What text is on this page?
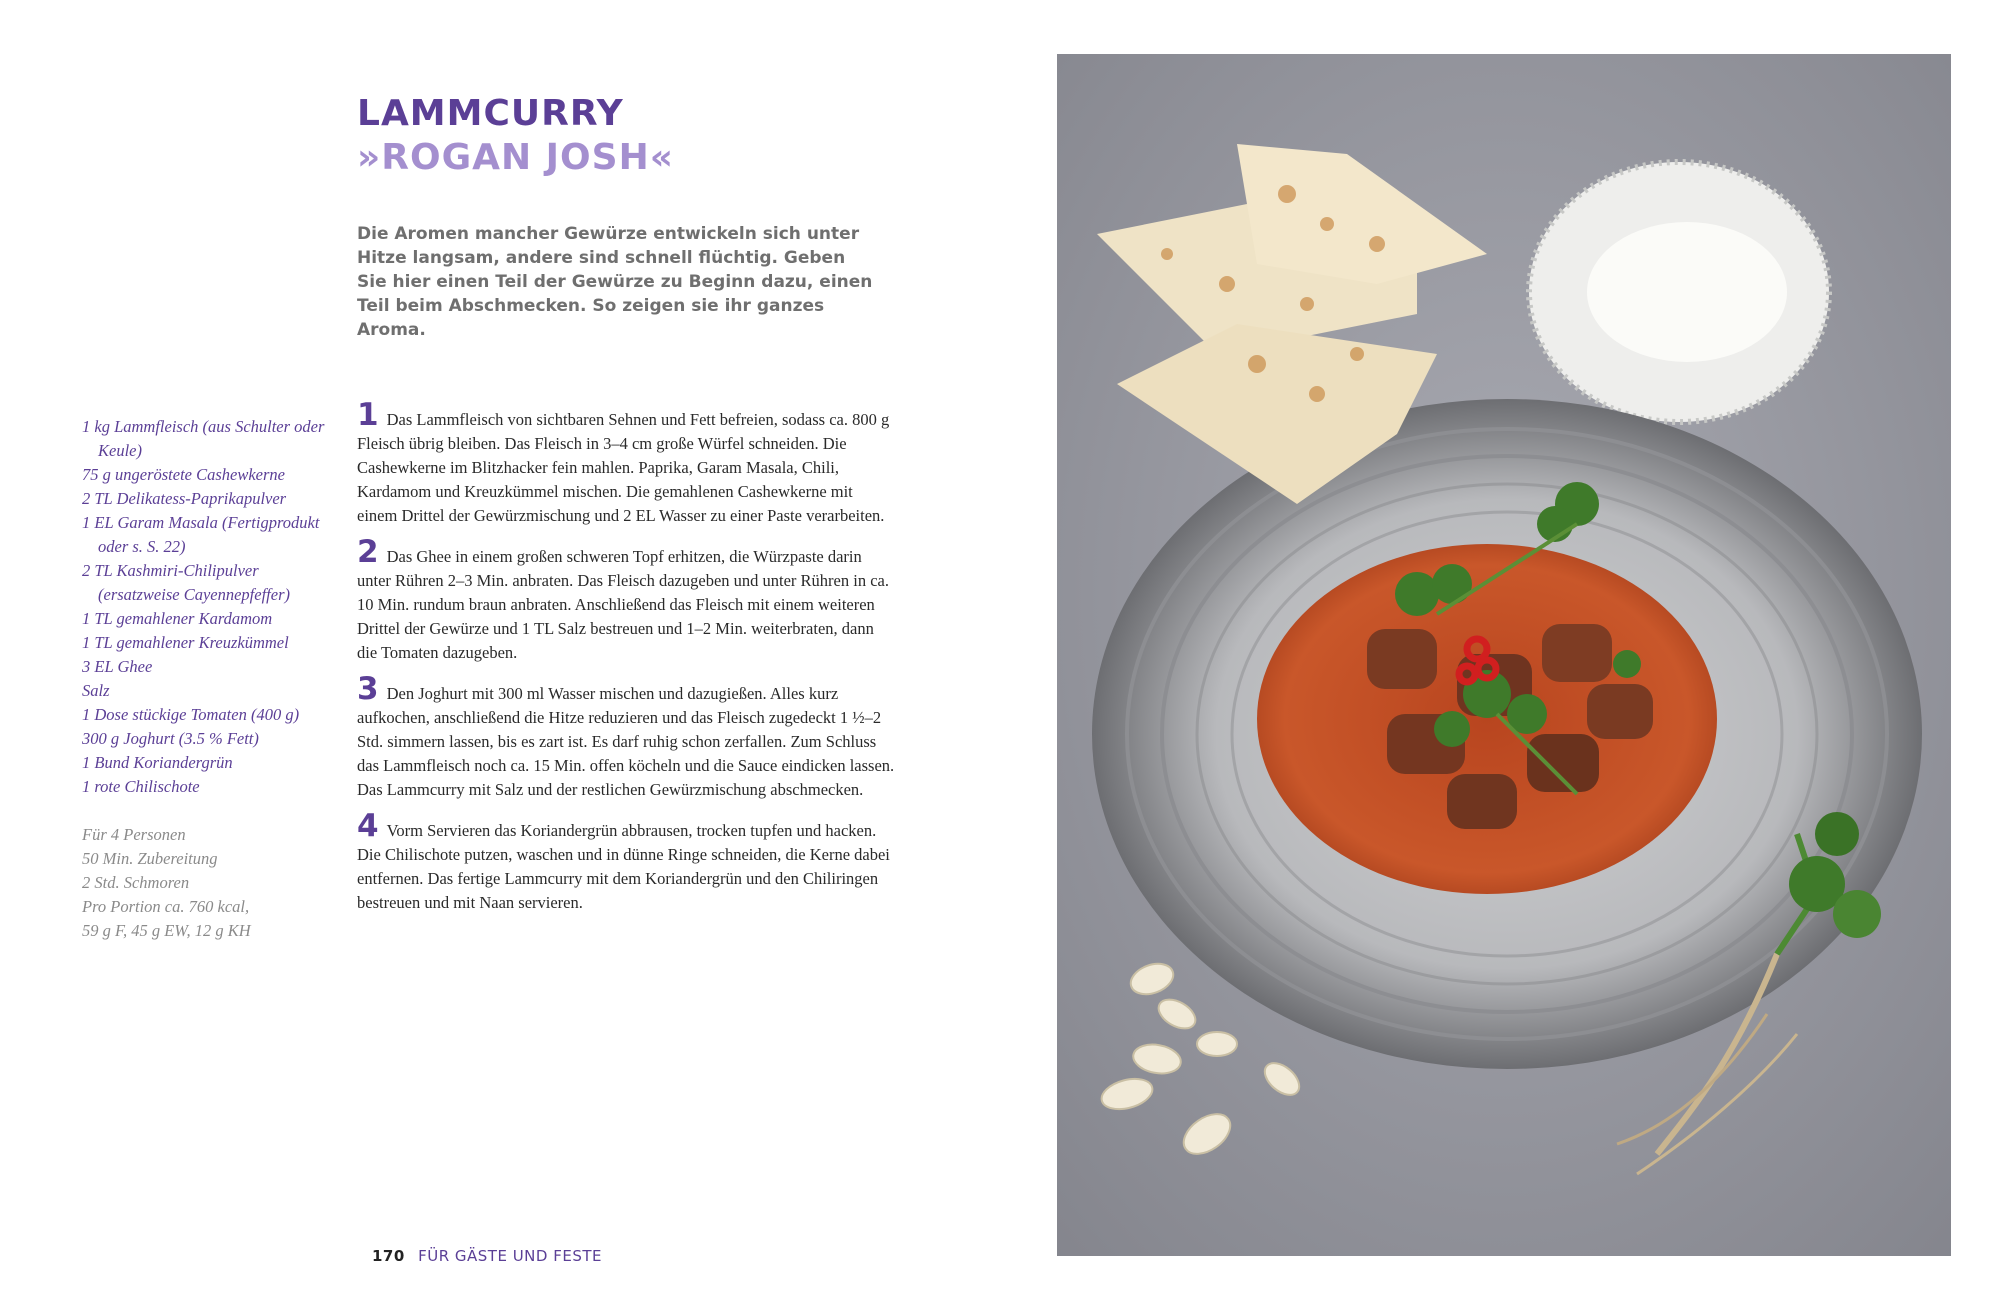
LAMMCURRY
»ROGAN JOSH«

Die Aromen mancher Gewürze entwickeln sich unter Hitze langsam, andere sind schnell flüchtig. Geben Sie hier einen Teil der Gewürze zu Beginn dazu, einen Teil beim Abschmecken. So zeigen sie ihr ganzes Aroma.

1 kg Lammfleisch (aus Schulter oder Keule)
75 g ungeröstete Cashewkerne
2 TL Delikatess-Paprikapulver
1 EL Garam Masala (Fertigprodukt oder s. S. 22)
2 TL Kashmiri-Chilipulver (ersatzweise Cayennepfeffer)
1 TL gemahlener Kardamom
1 TL gemahlener Kreuzkümmel
3 EL Ghee
Salz
1 Dose stückige Tomaten (400 g)
300 g Joghurt (3.5 % Fett)
1 Bund Koriandergrün
1 rote Chilischote
Für 4 Personen
50 Min. Zubereitung
2 Std. Schmoren
Pro Portion ca. 760 kcal,
59 g F, 45 g EW, 12 g KH

1 Das Lammfleisch von sichtbaren Sehnen und Fett befreien, sodass ca. 800 g Fleisch übrig bleiben. Das Fleisch in 3–4 cm große Würfel schneiden. Die Cashewkerne im Blitzhacker fein mahlen. Paprika, Garam Masala, Chili, Kardamom und Kreuzkümmel mischen. Die gemahlenen Cashewkerne mit einem Drittel der Gewürzmischung und 2 EL Wasser zu einer Paste verarbeiten.

2 Das Ghee in einem großen schweren Topf erhitzen, die Würzpaste darin unter Rühren 2–3 Min. anbraten. Das Fleisch dazugeben und unter Rühren in ca. 10 Min. rundum braun anbraten. Anschließend das Fleisch mit einem weiteren Drittel der Gewürze und 1 TL Salz bestreuen und 1–2 Min. weiterbraten, dann die Tomaten dazugeben.

3 Den Joghurt mit 300 ml Wasser mischen und dazugießen. Alles kurz aufkochen, anschließend die Hitze reduzieren und das Fleisch zugedeckt 1 ½–2 Std. simmern lassen, bis es zart ist. Es darf ruhig schon zerfallen. Zum Schluss das Lammfleisch noch ca. 15 Min. offen köcheln und die Sauce eindicken lassen. Das Lammcurry mit Salz und der restlichen Gewürzmischung abschmecken.

4 Vorm Servieren das Koriandergrün abbrausen, trocken tupfen und hacken. Die Chilischote putzen, waschen und in dünne Ringe schneiden, die Kerne dabei entfernen. Das fertige Lammcurry mit dem Koriandergrün und den Chiliringen bestreuen und mit Naan servieren.

170 FÜR GÄSTE UND FESTE
